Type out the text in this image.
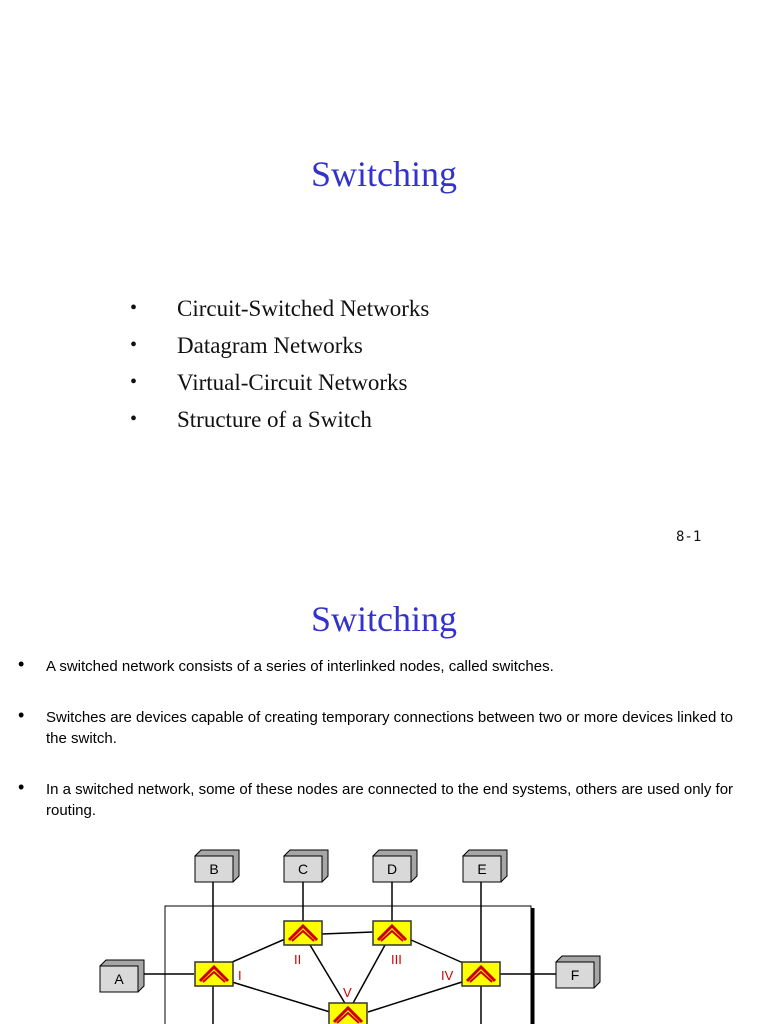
Switching
• Circuit-Switched Networks
• Datagram Networks
• Virtual-Circuit Networks
• Structure of a Switch
8-1
Switching
• A switched network consists of a series of interlinked nodes, called switches.
• Switches are devices capable of creating temporary connections between two or more devices linked to the switch.
• In a switched network, some of these nodes are connected to the end systems, others are used only for routing.
B	C	D	E
A	F
I
II	III
IV
V
